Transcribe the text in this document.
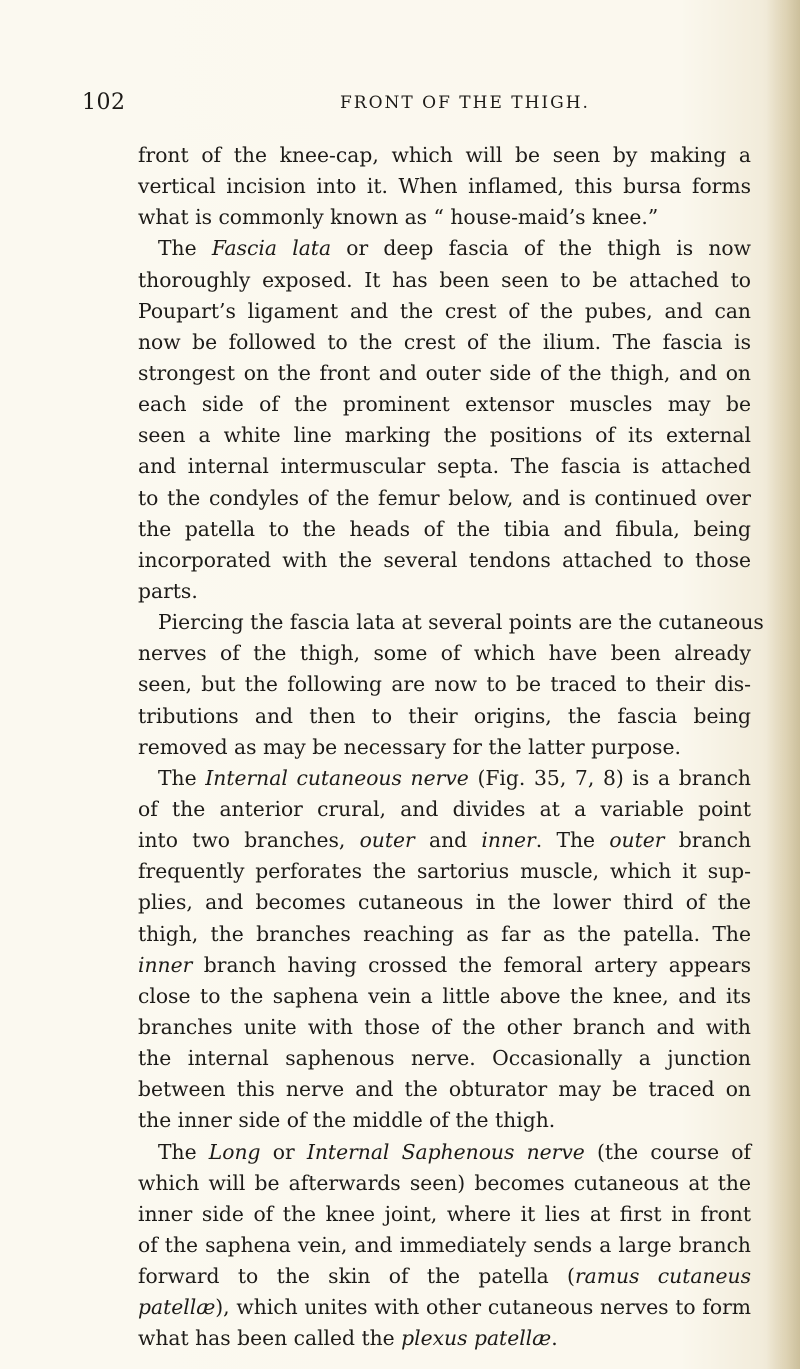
102	FRONT OF THE THIGH.
front of the knee-cap, which will be seen by making a
vertical incision into it. When inflamed, this bursa forms
what is commonly known as “ house-maid’s knee.”
The Fascia lata or deep fascia of the thigh is now
thoroughly exposed. It has been seen to be attached to
Poupart’s ligament and the crest of the pubes, and can
now be followed to the crest of the ilium. The fascia is
strongest on the front and outer side of the thigh, and on
each side of the prominent extensor muscles may be
seen a white line marking the positions of its external
and internal intermuscular septa. The fascia is attached
to the condyles of the femur below, and is continued over
the patella to the heads of the tibia and fibula, being
incorporated with the several tendons attached to those
parts.
Piercing the fascia lata at several points are the cutaneous
nerves of the thigh, some of which have been already
seen, but the following are now to be traced to their dis-
tributions and then to their origins, the fascia being
removed as may be necessary for the latter purpose.
The Internal cutaneous nerve (Fig. 35, 7, 8) is a branch
of the anterior crural, and divides at a variable point
into two branches, outer and inner. The outer branch
frequently perforates the sartorius muscle, which it sup-
plies, and becomes cutaneous in the lower third of the
thigh, the branches reaching as far as the patella. The
inner branch having crossed the femoral artery appears
close to the saphena vein a little above the knee, and its
branches unite with those of the other branch and with
the internal saphenous nerve. Occasionally a junction
between this nerve and the obturator may be traced on
the inner side of the middle of the thigh.
The Long or Internal Saphenous nerve (the course of
which will be afterwards seen) becomes cutaneous at the
inner side of the knee joint, where it lies at first in front
of the saphena vein, and immediately sends a large branch
forward to the skin of the patella (ramus cutaneus
patellæ), which unites with other cutaneous nerves to form
what has been called the plexus patellæ.
